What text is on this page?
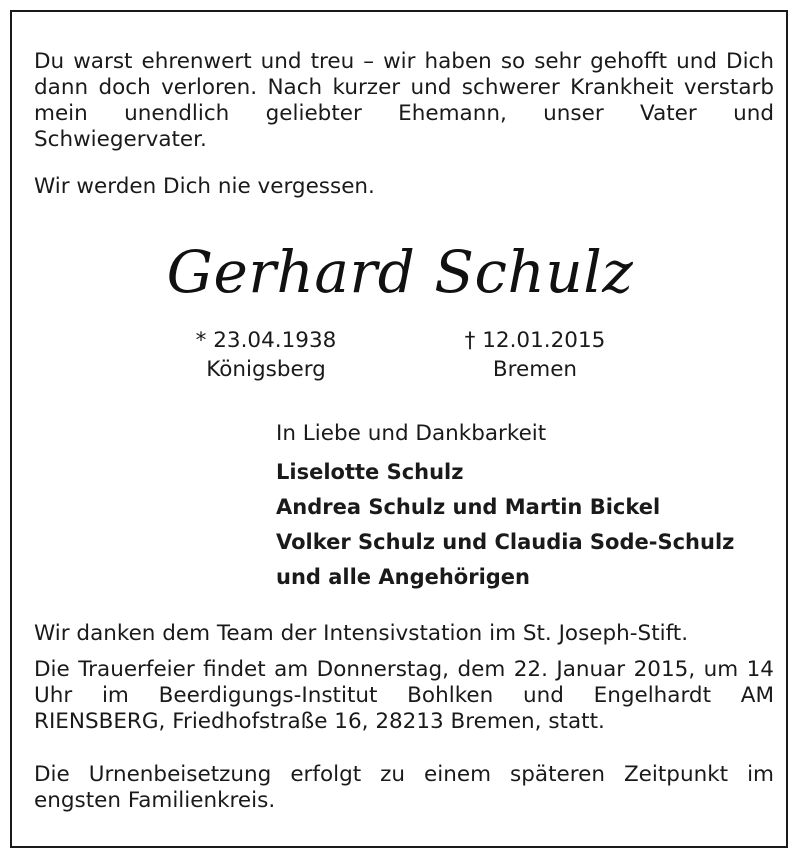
Du warst ehrenwert und treu – wir haben so sehr gehofft und Dich dann doch verloren. Nach kurzer und schwerer Krankheit verstarb mein unendlich geliebter Ehemann, unser Vater und Schwiegervater.

Wir werden Dich nie vergessen.

Gerhard Schulz
* 23.04.1938
Königsberg
† 12.01.2015
Bremen
In Liebe und Dankbarkeit
Liselotte Schulz
Andrea Schulz und Martin Bickel
Volker Schulz und Claudia Sode-Schulz
und alle Angehörigen

Wir danken dem Team der Intensivstation im St. Joseph-Stift.

Die Trauerfeier findet am Donnerstag, dem 22. Januar 2015, um 14 Uhr im Beerdigungs-Institut Bohlken und Engelhardt AM RIENSBERG, Friedhofstraße 16, 28213 Bremen, statt.

Die Urnenbeisetzung erfolgt zu einem späteren Zeitpunkt im engsten Familienkreis.
